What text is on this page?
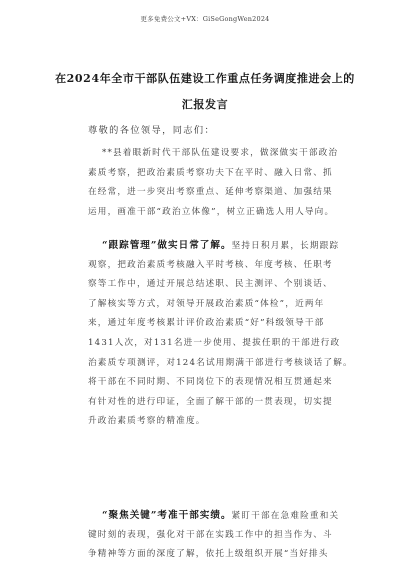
更多免费公文+VX：GiSeGongWen2024
在2024年全市干部队伍建设工作重点任务调度推进会上的
汇报发言
尊敬的各位领导，同志们：
**县着眼新时代干部队伍建设要求，做深做实干部政治
素质考察，把政治素质考察功夫下在平时、融入日常、抓
在经常，进一步突出考察重点、延伸考察渠道、加强结果
运用，画准干部“政治立体像”，树立正确选人用人导向。
“跟踪管理”做实日常了解。坚持日积月累，长期跟踪
观察，把政治素质考核融入平时考核、年度考核、任职考
察等工作中，通过开展总结述职、民主测评、个别谈话、
了解核实等方式，对领导开展政治素质“体检”，近两年
来，通过年度考核累计评价政治素质“好”科级领导干部
1431人次，对131名进一步使用、提拔任职的干部进行政
治素质专项测评，对124名试用期满干部进行考核谈话了解。
将干部在不同时期、不同岗位下的表现情况相互贯通起来
有针对性的进行印证，全面了解干部的一贯表现，切实提
升政治素质考察的精准度。
“聚焦关键”考准干部实绩。紧盯干部在急难险重和关
键时刻的表现，强化对干部在实践工作中的担当作为、斗
争精神等方面的深度了解，依托上级组织开展“当好排头
